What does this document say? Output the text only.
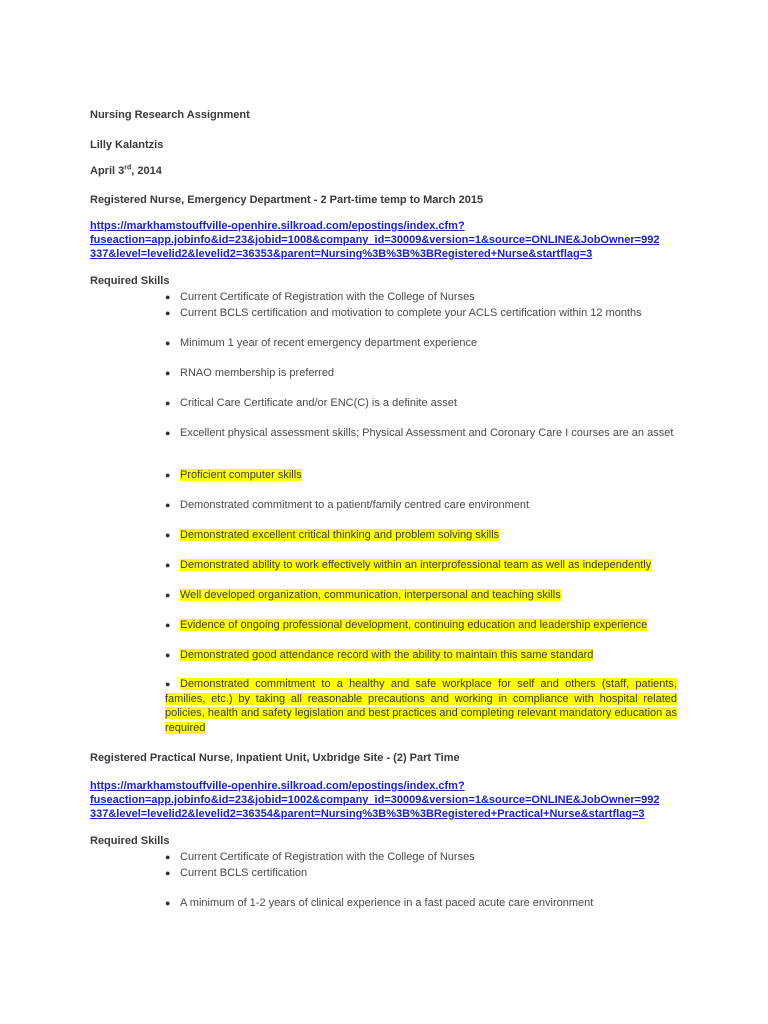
Nursing Research Assignment
Lilly Kalantzis
April 3rd, 2014
Registered Nurse, Emergency Department - 2 Part-time temp to March 2015
https://markhamstouffville-openhire.silkroad.com/epostings/index.cfm?
fuseaction=app.jobinfo&id=23&jobid=1008&company_id=30009&version=1&source=ONLINE&JobOwner=992
337&level=levelid2&levelid2=36353&parent=Nursing%3B%3B%3BRegistered+Nurse&startflag=3
Required Skills
● Current Certificate of Registration with the College of Nurses
● Current BCLS certification and motivation to complete your ACLS certification within 12 months
● Minimum 1 year of recent emergency department experience
● RNAO membership is preferred
● Critical Care Certificate and/or ENC(C) is a definite asset
● Excellent physical assessment skills; Physical Assessment and Coronary Care I courses are an asset
● Proficient computer skills
● Demonstrated commitment to a patient/family centred care environment
● Demonstrated excellent critical thinking and problem solving skills
● Demonstrated ability to work effectively within an interprofessional team as well as independently
● Well developed organization, communication, interpersonal and teaching skills
● Evidence of ongoing professional development, continuing education and leadership experience
● Demonstrated good attendance record with the ability to maintain this same standard
● Demonstrated commitment to a healthy and safe workplace for self and others (staff, patients, families, etc.) by taking all reasonable precautions and working in compliance with hospital related policies, health and safety legislation and best practices and completing relevant mandatory education as required
Registered Practical Nurse, Inpatient Unit, Uxbridge Site - (2) Part Time
https://markhamstouffville-openhire.silkroad.com/epostings/index.cfm?
fuseaction=app.jobinfo&id=23&jobid=1002&company_id=30009&version=1&source=ONLINE&JobOwner=992
337&level=levelid2&levelid2=36354&parent=Nursing%3B%3B%3BRegistered+Practical+Nurse&startflag=3
Required Skills
● Current Certificate of Registration with the College of Nurses
● Current BCLS certification
● A minimum of 1-2 years of clinical experience in a fast paced acute care environment
